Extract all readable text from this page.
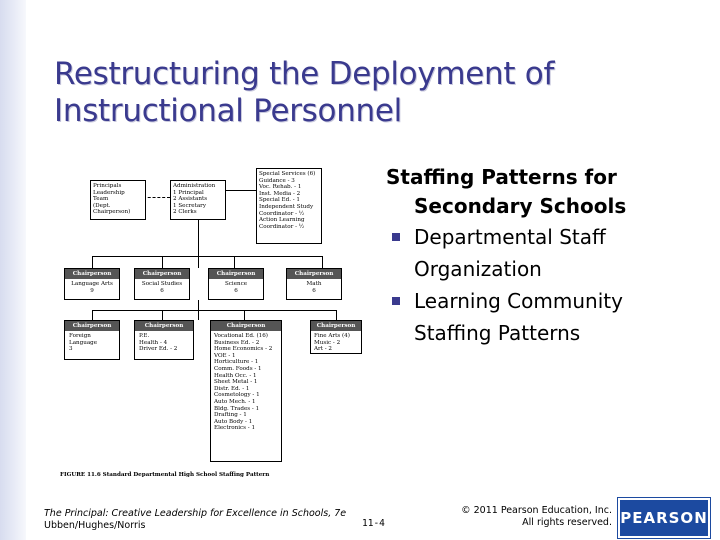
Restructuring the Deployment of
Instructional Personnel
Principals
Leadership
Team
(Dept.
Chairperson)
Administration
1 Principal
2 Assistants
1 Secretary
2 Clerks
Special Services (6)
Guidance - 3
Voc. Rehab. - 1
Inst. Media - 2
Special Ed. - 1
Independent Study
Coordinator - ½
Action Learning
Coordinator - ½
Chairperson
Language Arts
9
Chairperson
Social Studies
6
Chairperson
Science
6
Chairperson
Math
6
Chairperson
Foreign
Language
3
Chairperson
P.E.
Health - 4
Driver Ed. - 2
Chairperson
Vocational Ed. (16)
Business Ed. - 2
Home Economics - 2
VOE - 1
Horticulture - 1
Comm. Foods - 1
Health Occ. - 1
Sheet Metal - 1
Distr. Ed. - 1
Cosmetology - 1
Auto Mech. - 1
Bldg. Trades - 1
Drafting - 1
Auto Body - 1
Electronics - 1
Chairperson
Fine Arts (4)
Music - 2
Art - 2
FIGURE 11.6 Standard Departmental High School Staffing Pattern
Staffing Patterns for
Secondary Schools
Departmental Staff
Organization
Learning Community
Staffing Patterns
The Principal: Creative Leadership for Excellence in Schools, 7e
Ubben/Hughes/Norris	11-4
© 2011 Pearson Education, Inc.
All rights reserved. PEARSON
